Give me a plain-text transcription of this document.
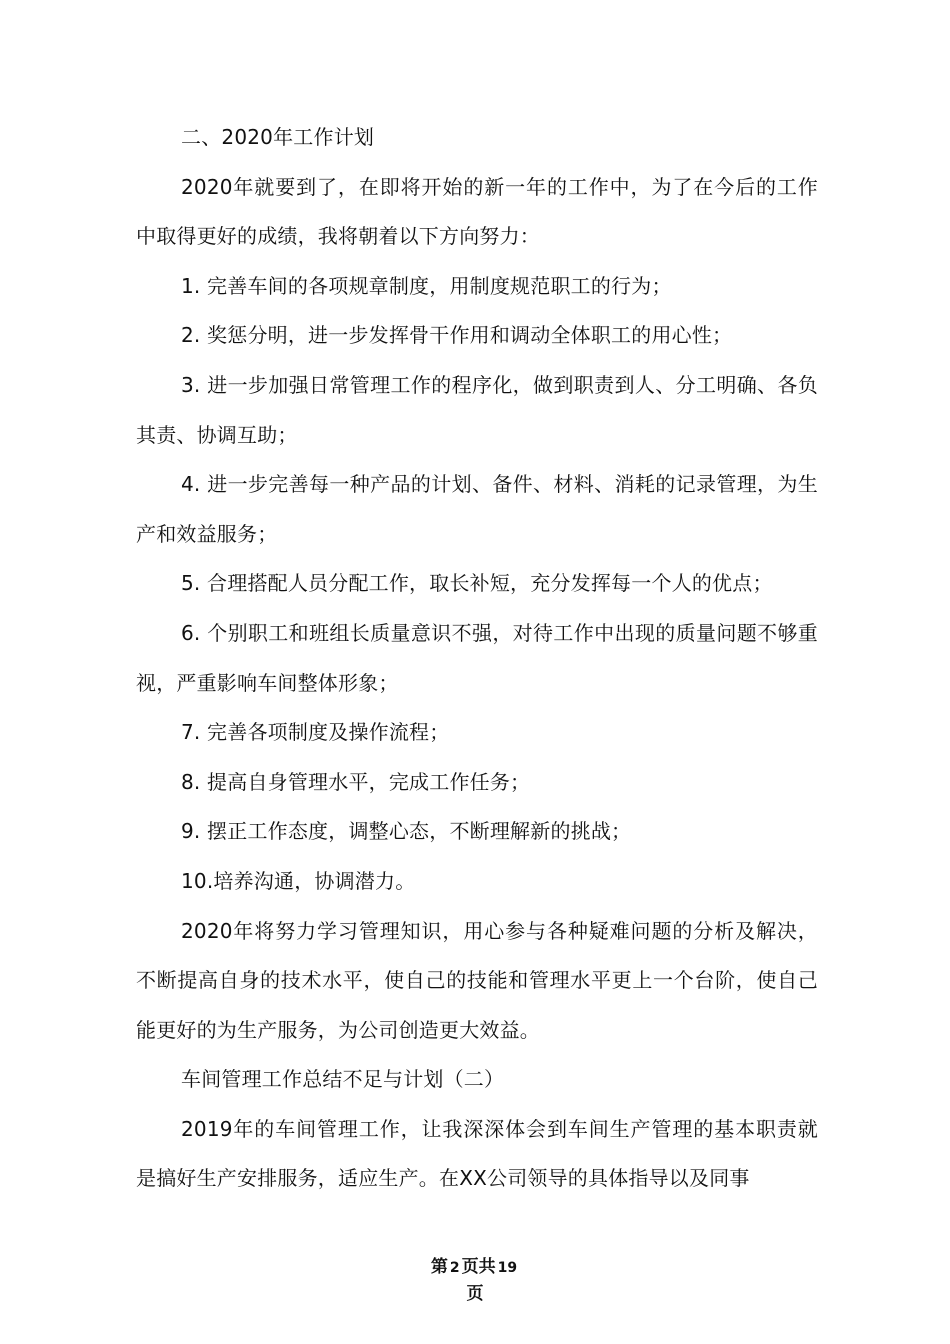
二、2020年工作计划

2020年就要到了，在即将开始的新一年的工作中，为了在今后的工作中取得更好的成绩，我将朝着以下方向努力：

1. 完善车间的各项规章制度，用制度规范职工的行为；

2. 奖惩分明，进一步发挥骨干作用和调动全体职工的用心性；

3. 进一步加强日常管理工作的程序化，做到职责到人、分工明确、各负其责、协调互助；

4. 进一步完善每一种产品的计划、备件、材料、消耗的记录管理，为生产和效益服务；

5. 合理搭配人员分配工作，取长补短，充分发挥每一个人的优点；

6. 个别职工和班组长质量意识不强，对待工作中出现的质量问题不够重视，严重影响车间整体形象；

7. 完善各项制度及操作流程；

8. 提高自身管理水平，完成工作任务；

9. 摆正工作态度，调整心态，不断理解新的挑战；

10.培养沟通，协调潜力。

2020年将努力学习管理知识，用心参与各种疑难问题的分析及解决，不断提高自身的技术水平，使自己的技能和管理水平更上一个台阶，使自己能更好的为生产服务，为公司创造更大效益。

车间管理工作总结不足与计划（二）

2019年的车间管理工作，让我深深体会到车间生产管理的基本职责就是搞好生产安排服务，适应生产。在XX公司领导的具体指导以及同事

第 2 页共 19
页
